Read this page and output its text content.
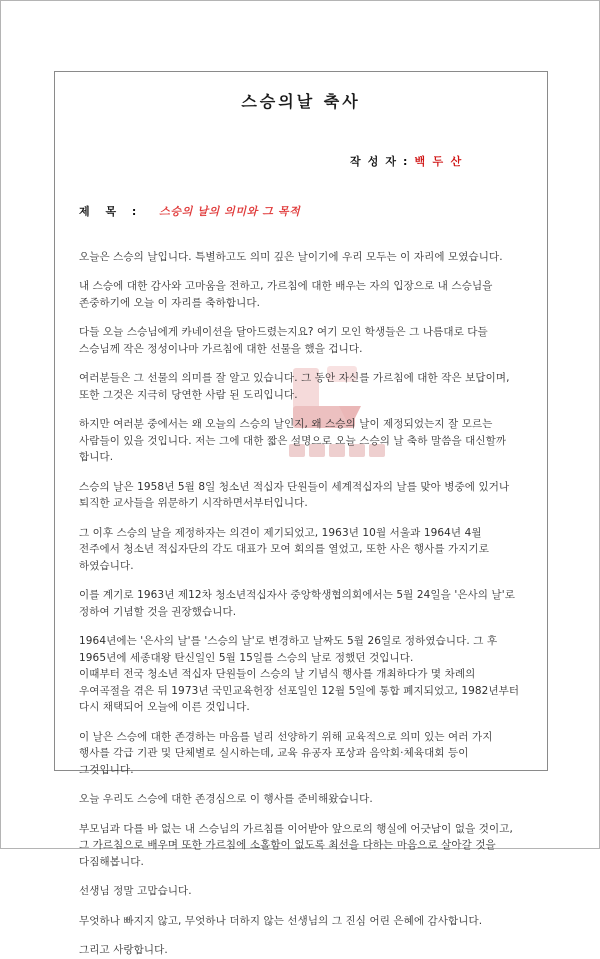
스승의날 축사
작 성 자 : 백 두 산
제 목 : 스승의 날의 의미와 그 목적

오늘은 스승의 날입니다. 특별하고도 의미 깊은 날이기에 우리 모두는 이 자리에 모였습니다.

내 스승에 대한 감사와 고마움을 전하고, 가르침에 대한 배우는 자의 입장으로 내 스승님을 존중하기에 오늘 이 자리를 축하합니다.

다들 오늘 스승님에게 카네이션을 달아드렸는지요? 여기 모인 학생들은 그 나름대로 다들 스승님께 작은 정성이나마 가르침에 대한 선물을 했을 겁니다.

여러분들은 그 선물의 의미를 잘 알고 있습니다. 그 동안 자신를 가르침에 대한 작은 보답이며, 또한 그것은 지극히 당연한 사람 된 도리입니다.

하지만 여러분 중에서는 왜 오늘의 스승의 날인지, 왜 스승의 날이 제정되었는지 잘 모르는 사람들이 있을 것입니다. 저는 그에 대한 짧은 설명으로 오늘 스승의 날 축하 말씀을 대신할까 합니다.

스승의 날은 1958년 5월 8일 청소년 적십자 단원들이 세계적십자의 날를 맞아 병중에 있거나 퇴직한 교사들을 위문하기 시작하면서부터입니다.

그 이후 스승의 날을 제정하자는 의견이 제기되었고, 1963년 10월 서울과 1964년 4월 전주에서 청소년 적십자단의 각도 대표가 모여 회의를 열었고, 또한 사은 행사를 가지기로 하였습니다.

이를 계기로 1963년 제12차 청소년적십자사 중앙학생협의회에서는 5월 24일을 '은사의 날'로 정하여 기념할 것을 권장했습니다.

1964년에는 '은사의 날'를 '스승의 날'로 변경하고 날짜도 5월 26일로 정하였습니다. 그 후 1965년에 세종대왕 탄신일인 5월 15일를 스승의 날로 정했던 것입니다.
이때부터 전국 청소년 적십자 단원들이 스승의 날 기념식 행사를 개최하다가 몇 차례의 우여곡절을 겪은 뒤 1973년 국민교육헌장 선포일인 12월 5일에 통합 폐지되었고, 1982년부터 다시 채택되어 오늘에 이른 것입니다.

이 날은 스승에 대한 존경하는 마음를 널리 선양하기 위해 교육적으로 의미 있는 여러 가지 행사를 각급 기관 및 단체별로 실시하는데, 교육 유공자 포상과 음악회·체육대회 등이 그것입니다.

오늘 우리도 스승에 대한 존경심으로 이 행사를 준비해왔습니다.

부모님과 다를 바 없는 내 스승님의 가르침를 이어받아 앞으로의 행실에 어긋남이 없을 것이고, 그 가르침으로 배우며 또한 가르침에 소홀함이 없도록 최선을 다하는 마음으로 살아갈 것을 다짐해봅니다.

선생님 정말 고맙습니다.

무엇하나 빠지지 않고, 무엇하나 더하지 않는 선생님의 그 진심 어린 은혜에 감사합니다.

그리고 사랑합니다.
